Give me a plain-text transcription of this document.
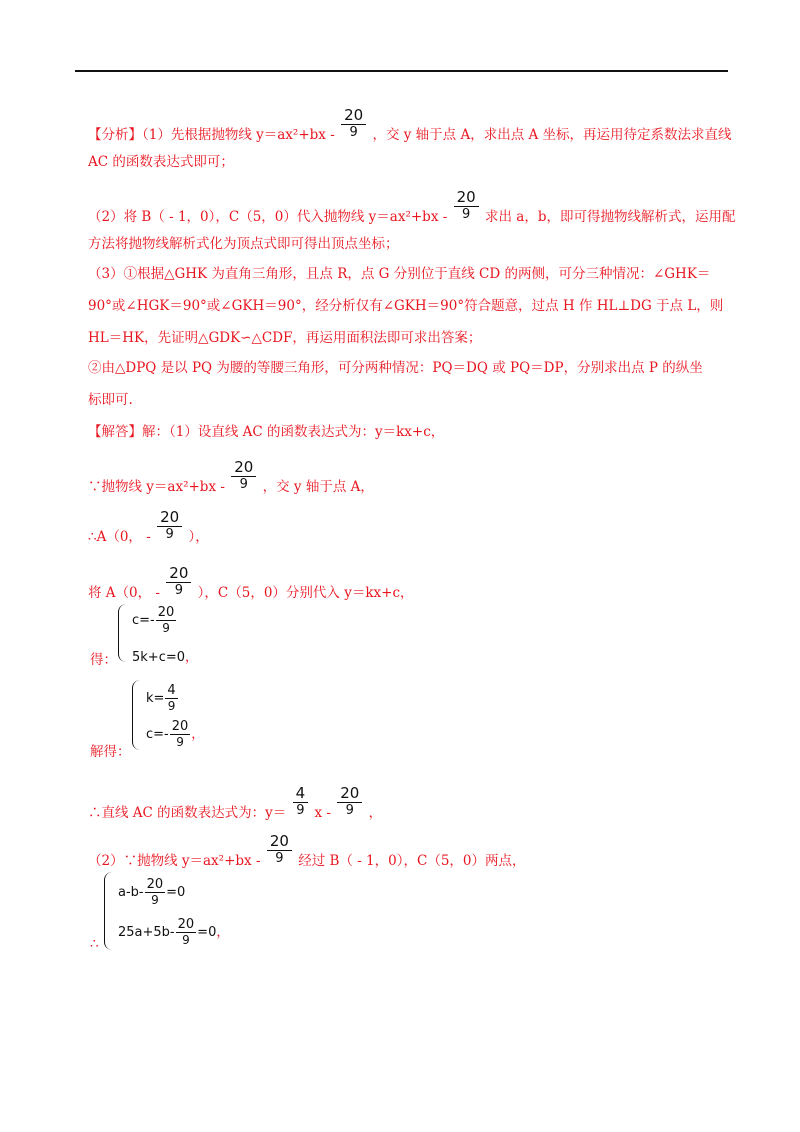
【分析】（1）先根据抛物线 $y=ax^2+bx - \frac{20}{9}$ ，交 y 轴于点 A，求出点 A 坐标，再运用待定系数法求直线
AC 的函数表达式即可；
（2）将 B（ - 1，0），C（5，0）代入抛物线 $y=ax^2+bx - \frac{20}{9}$ 求出 a，b，即可得抛物线解析式，运用配
方法将抛物线解析式化为顶点式即可得出顶点坐标；
（3）①根据△GHK 为直角三角形，且点 R，点 G 分别位于直线 CD 的两侧，可分三种情况：∠GHK＝
90°或∠HGK＝90°或∠GKH＝90°，经分析仅有∠GKH＝90°符合题意，过点 H 作 HL⊥DG 于点 L，则
HL＝HK，先证明△GDK∽△CDF，再运用面积法即可求出答案；
②由△DPQ 是以 PQ 为腰的等腰三角形，可分两种情况：PQ＝DQ 或 PQ＝DP，分别求出点 P 的纵坐
标即可.
【解答】解：（1）设直线 AC 的函数表达式为：y＝kx+c，
∵抛物线 $y=ax^2+bx - \frac{20}{9}$ ，交 y 轴于点 A，
∴A（0， - $\frac{20}{9}$ ），
将 A（0， - $\frac{20}{9}$ ），C（5，0）分别代入 y＝kx+c，
$c=- \frac{20}{9}$
5k+c=0，
得：
$k= \frac{4}{9}$
$c=- \frac{20}{9}$ ，
解得：
∴直线 AC 的函数表达式为：$y= \frac{4}{9}$ x - $\frac{20}{9}$ ，
（2）∵抛物线 $y=ax^2+bx - \frac{20}{9}$ 经过 B（ - 1，0），C（5，0）两点，
$a-b- \frac{20}{9} =0$
$25a+5b- \frac{20}{9} =0$，
∴
